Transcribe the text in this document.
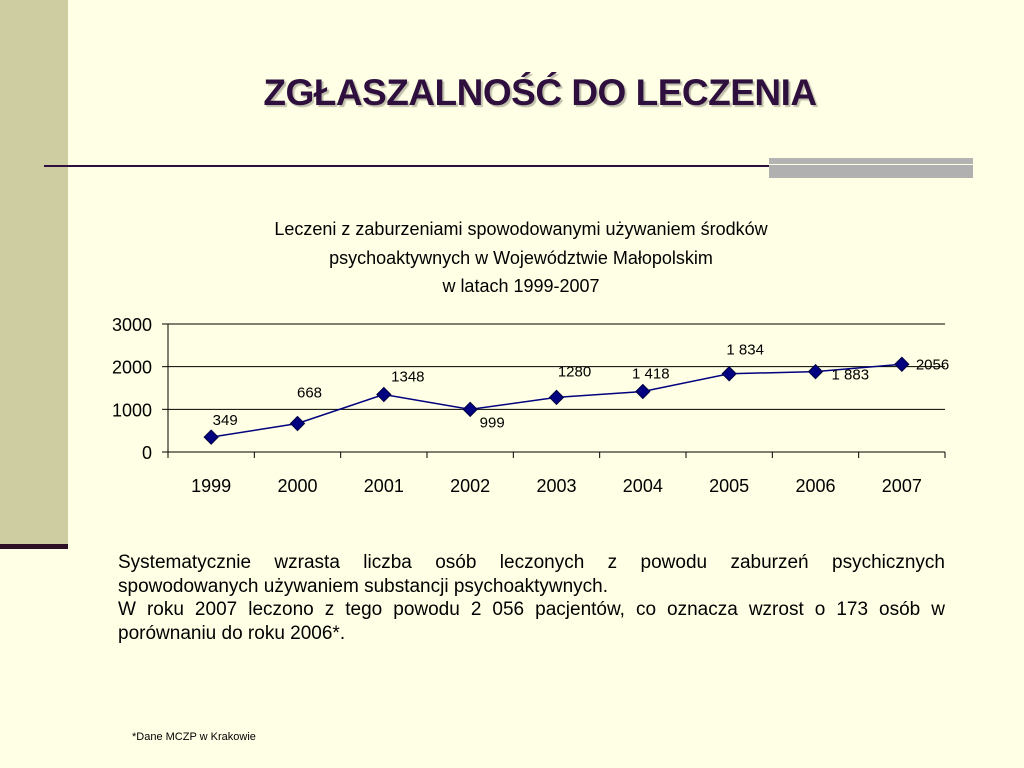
ZGŁASZALNOŚĆ DO LECZENIA
Leczeni z zaburzeniami spowodowanymi używaniem środków
psychoaktywnych w Województwie Małopolskim
w latach 1999-2007
0
1000
2000
3000
1999	2000	2001	2002	2003	2004	2005	2006	2007
349
668
1348
999
1280	1 418
1 834
1 883
2056
Systematycznie wzrasta liczba osób leczonych z powodu zaburzeń psychicznych spowodowanych używaniem substancji psychoaktywnych.
W roku 2007 leczono z tego powodu 2 056 pacjentów, co oznacza wzrost o 173 osób w porównaniu do roku 2006*.
*Dane MCZP w Krakowie
